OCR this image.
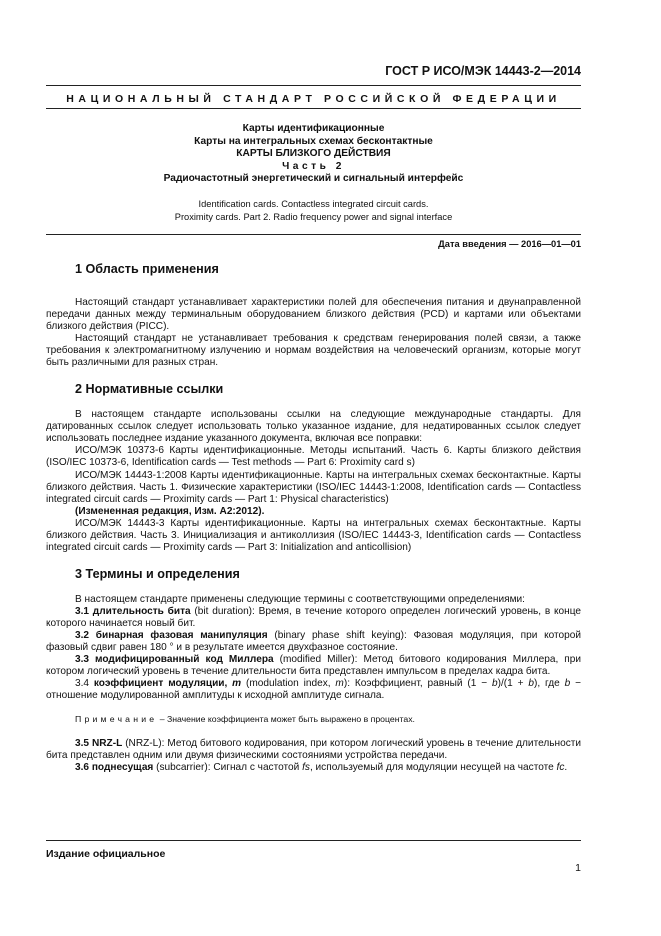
ГОСТ Р ИСО/МЭК 14443-2—2014
НАЦИОНАЛЬНЫЙ СТАНДАРТ РОССИЙСКОЙ ФЕДЕРАЦИИ
Карты идентификационные
Карты на интегральных схемах бесконтактные
КАРТЫ БЛИЗКОГО ДЕЙСТВИЯ
Часть 2
Радиочастотный энергетический и сигнальный интерфейс
Identification cards. Contactless integrated circuit cards.
Proximity cards. Part 2. Radio frequency power and signal interface
Дата введения — 2016—01—01
1 Область применения

Настоящий стандарт устанавливает характеристики полей для обеспечения питания и двунаправленной передачи данных между терминальным оборудованием близкого действия (PCD) и картами или объектами близкого действия (PICC).

Настоящий стандарт не устанавливает требования к средствам генерирования полей связи, а также требования к электромагнитному излучению и нормам воздействия на человеческий организм, которые могут быть различными для разных стран.

2 Нормативные ссылки

В настоящем стандарте использованы ссылки на следующие международные стандарты. Для датированных ссылок следует использовать только указанное издание, для недатированных ссылок следует использовать последнее издание указанного документа, включая все поправки:

ИСО/МЭК 10373-6 Карты идентификационные. Методы испытаний. Часть 6. Карты близкого действия (ISO/IEC 10373-6, Identification cards — Test methods — Part 6: Proximity card s)

ИСО/МЭК 14443-1:2008 Карты идентификационные. Карты на интегральных схемах бесконтактные. Карты близкого действия. Часть 1. Физические характеристики (ISO/IEC 14443-1:2008, Identification cards — Contactless integrated circuit cards — Proximity cards — Part 1: Physical characteristics)

(Измененная редакция, Изм. A2:2012).

ИСО/МЭК 14443-3 Карты идентификационные. Карты на интегральных схемах бесконтактные. Карты близкого действия. Часть 3. Инициализация и антиколлизия (ISO/IEC 14443-3, Identification cards — Contactless integrated circuit cards — Proximity cards — Part 3: Initialization and anticollision)

3 Термины и определения

В настоящем стандарте применены следующие термины с соответствующими определениями:

3.1 длительность бита (bit duration): Время, в течение которого определен логический уровень, в конце которого начинается новый бит.

3.2 бинарная фазовая манипуляция (binary phase shift keying): Фазовая модуляция, при которой фазовый сдвиг равен 180 ° и в результате имеется двухфазное состояние.

3.3 модифицированный код Миллера (modified Miller): Метод битового кодирования Миллера, при котором логический уровень в течение длительности бита представлен импульсом в пределах кадра бита.

3.4 коэффициент модуляции, m (modulation index, m): Коэффициент, равный (1 − b)/(1 + b), где b − отношение модулированной амплитуды к исходной амплитуде сигнала.

Примечание – Значение коэффициента может быть выражено в процентах.

3.5 NRZ-L (NRZ-L): Метод битового кодирования, при котором логический уровень в течение длительности бита представлен одним или двумя физическими состояниями устройства передачи.

3.6 поднесущая (subcarrier): Сигнал с частотой fs, используемый для модуляции несущей на частоте fc.

Издание официальное
1
